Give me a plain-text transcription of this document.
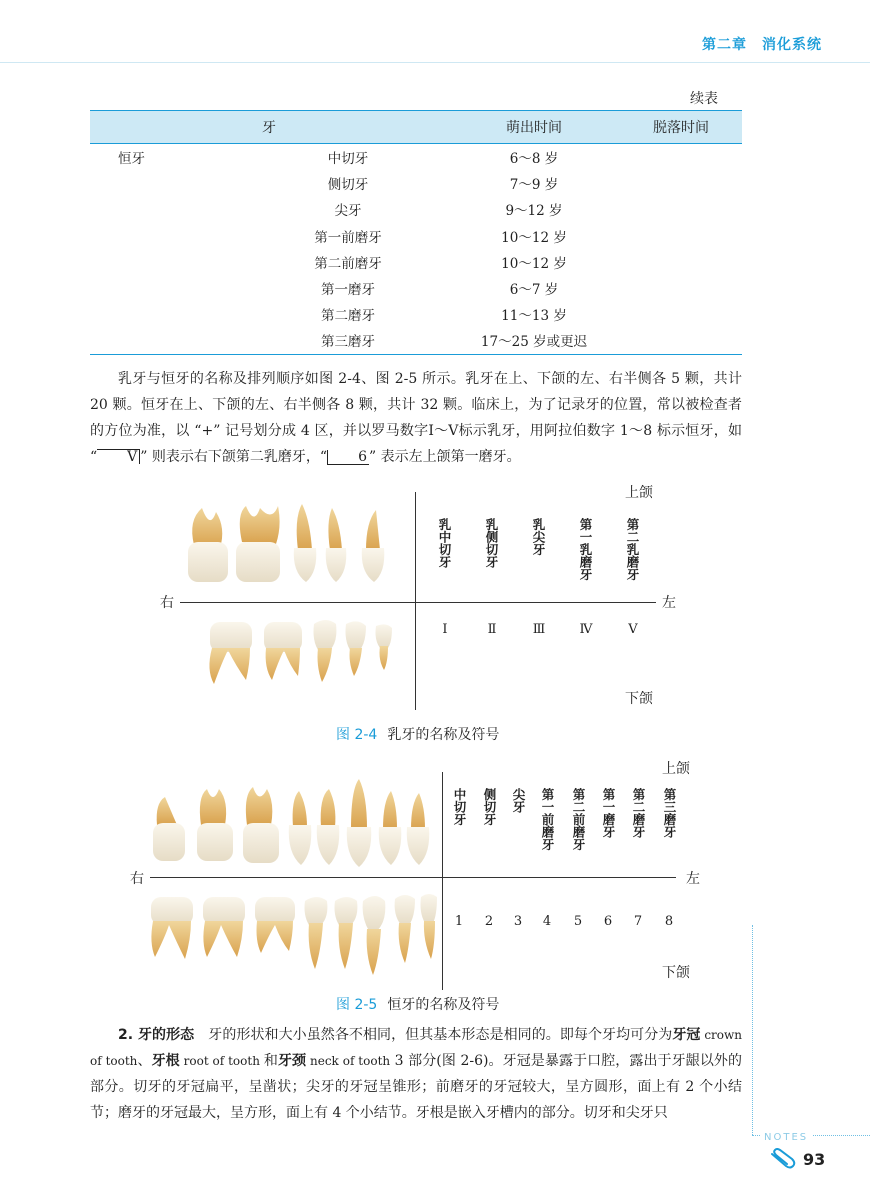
第二章　消化系统
续表
牙		萌出时间	脱落时间
恒牙	中切牙	6～8 岁	
	侧切牙	7～9 岁	
	尖牙	9～12 岁	
	第一前磨牙	10～12 岁	
	第二前磨牙	10～12 岁	
	第一磨牙	6～7 岁	
	第二磨牙	11～13 岁	
	第三磨牙	17～25 岁或更迟	

乳牙与恒牙的名称及排列顺序如图 2-4、图 2-5 所示。乳牙在上、下颌的左、右半侧各 5 颗，共计 20 颗。恒牙在上、下颌的左、右半侧各 8 颗，共计 32 颗。临床上，为了记录牙的位置，常以被检查者的方位为准，以 “+” 记号划分成 4 区，并以罗马数字Ⅰ～Ⅴ标示乳牙，用阿拉伯数字 1～8 标示恒牙，如 “ Ⅴ ” 则表示右下颌第二乳磨牙，“ 6 ” 表示左上颌第一磨牙。

上颌
下颌
右	左
乳中切牙	乳侧切牙	乳尖牙	第一乳磨牙	第二乳磨牙
Ⅰ	Ⅱ	Ⅲ	Ⅳ	Ⅴ
图 2-4 乳牙的名称及符号
上颌
下颌
右	左
中切牙 侧切牙 尖牙 第一前磨牙 第二前磨牙 第一磨牙 第二磨牙 第三磨牙
1	2	3	4	5	6	7	8
图 2-5 恒牙的名称及符号

2. 牙的形态　牙的形状和大小虽然各不相同，但其基本形态是相同的。即每个牙均可分为牙冠 crown of tooth、牙根 root of tooth 和牙颈 neck of tooth 3 部分(图 2-6)。牙冠是暴露于口腔，露出于牙龈以外的部分。切牙的牙冠扁平，呈凿状；尖牙的牙冠呈锥形；前磨牙的牙冠较大，呈方圆形，面上有 2 个小结节；磨牙的牙冠最大，呈方形，面上有 4 个小结节。牙根是嵌入牙槽内的部分。切牙和尖牙只

NOTES
93
